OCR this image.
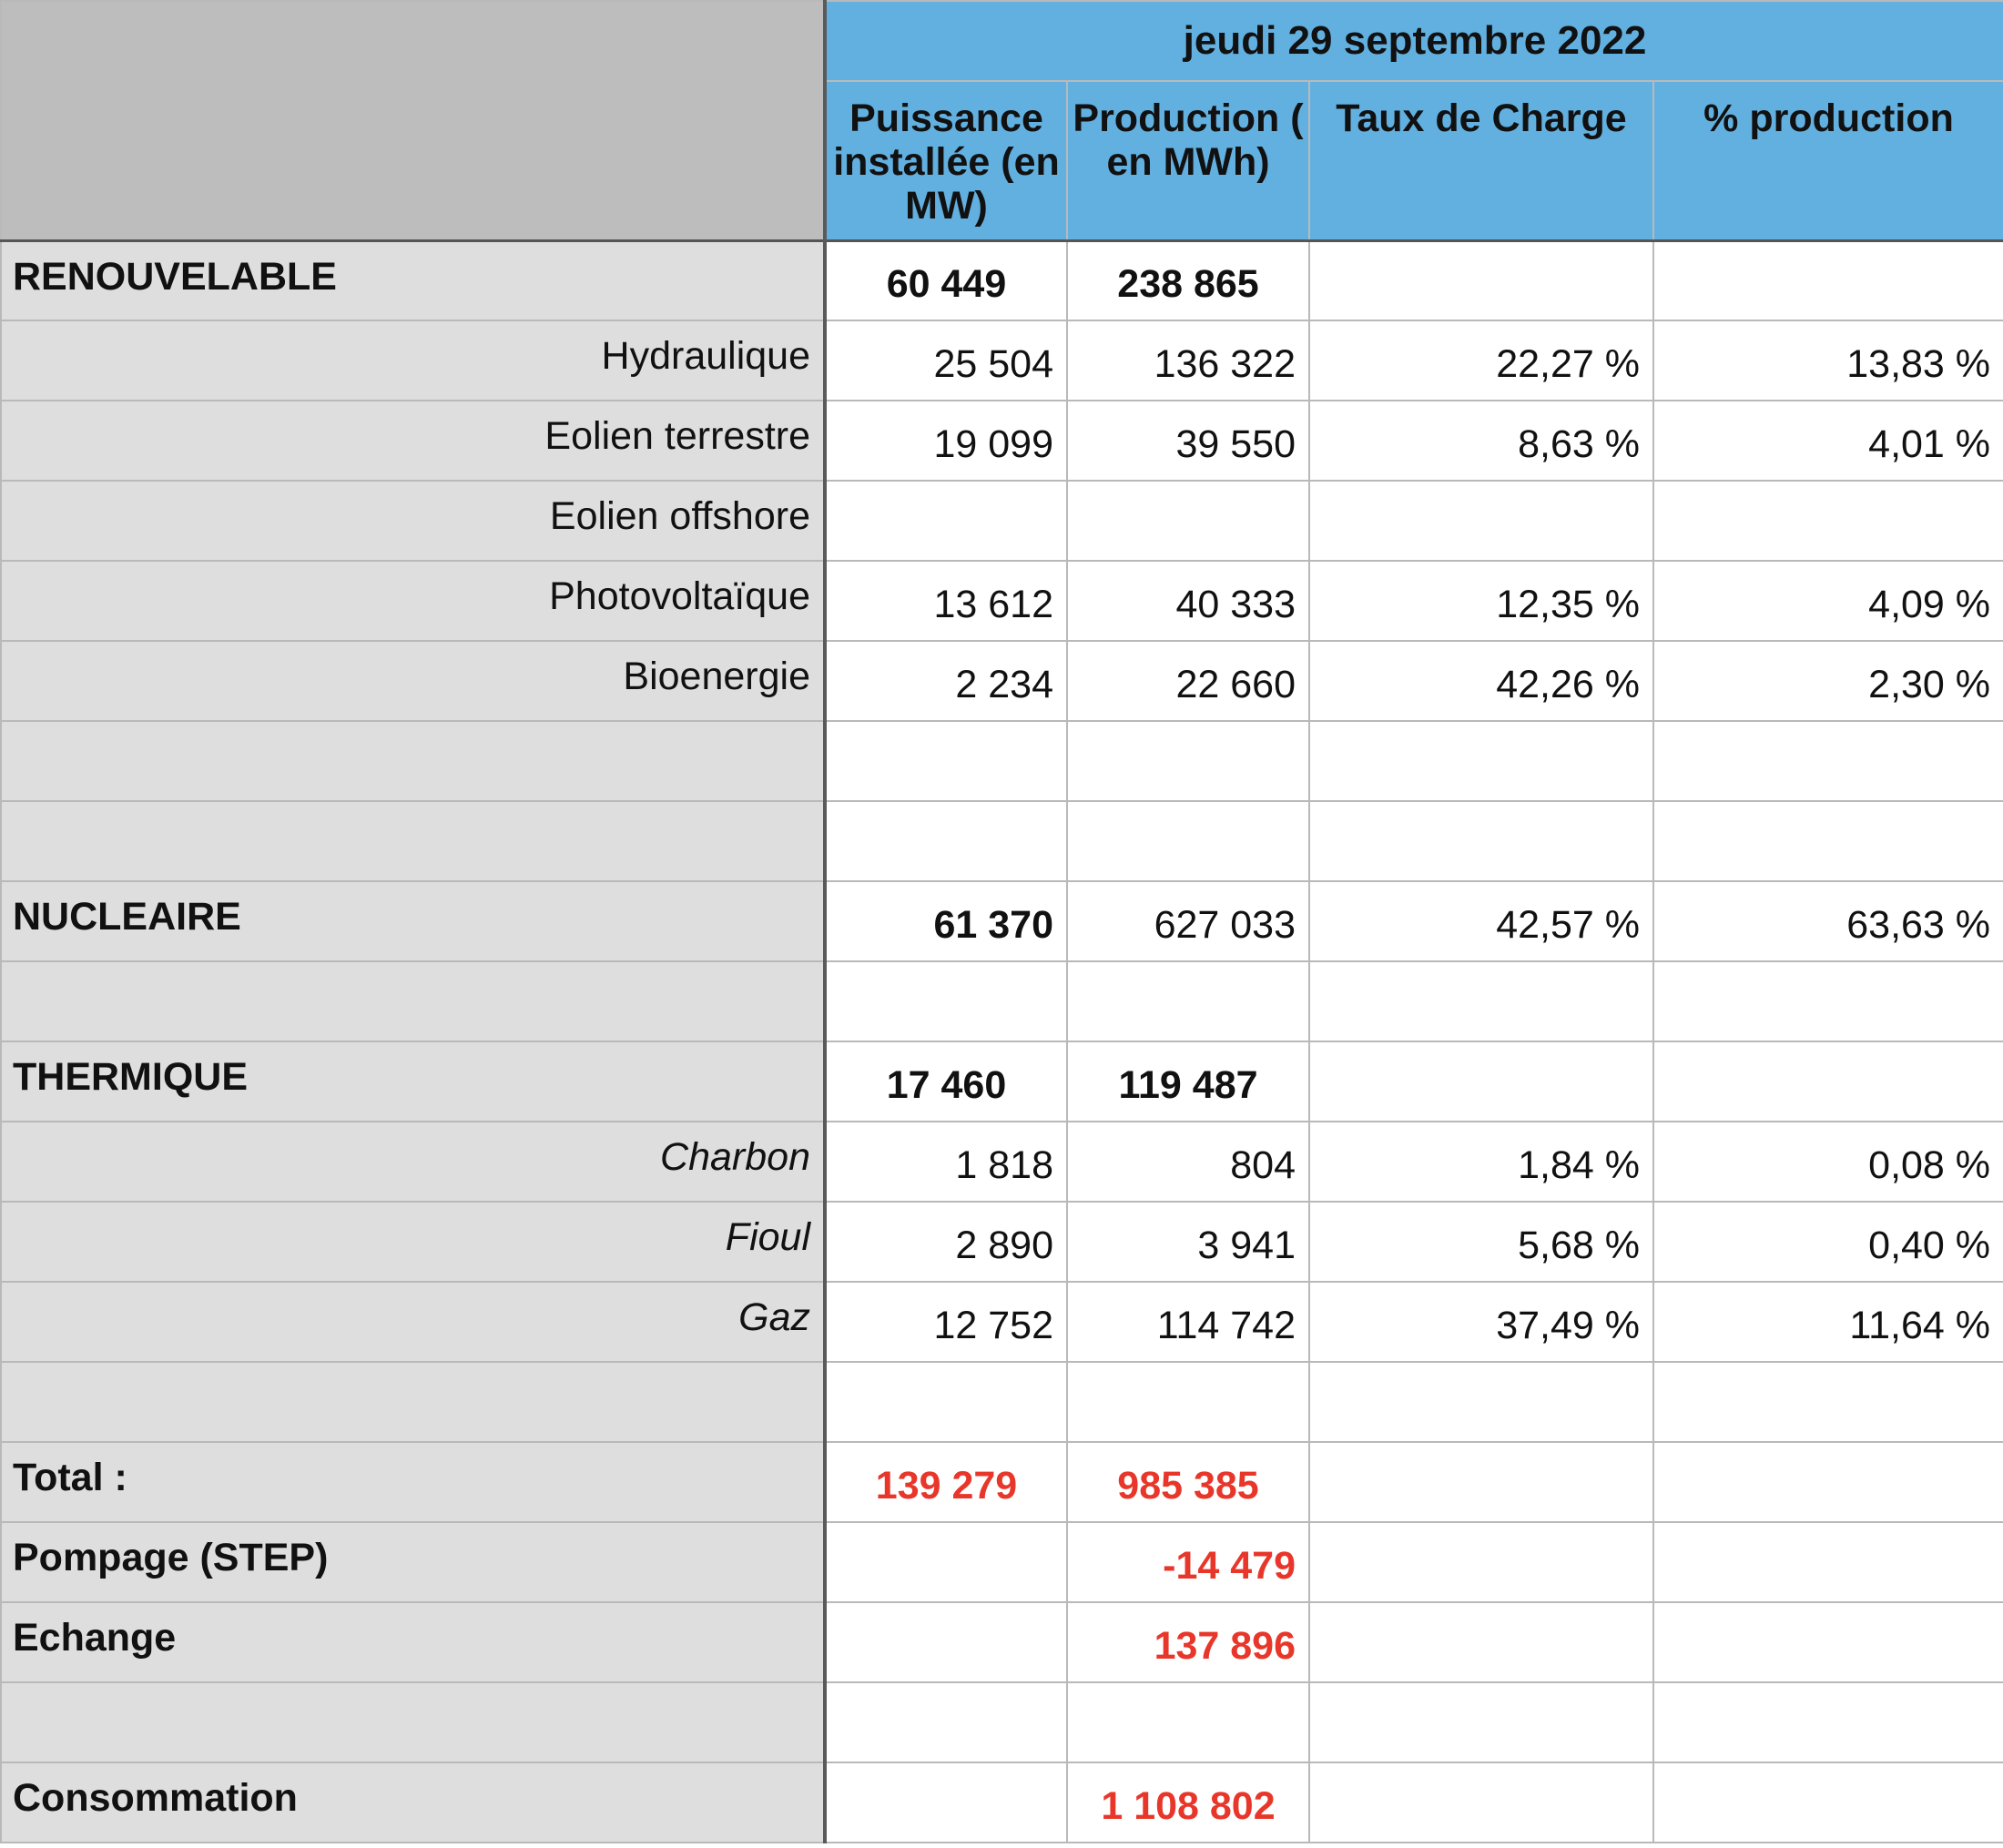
	jeudi 29 septembre 2022			
	Puissance installée (en MW)	Production ( en MWh)	Taux de Charge	% production
RENOUVELABLE	60 449	238 865		
Hydraulique	25 504	136 322	22,27 %	13,83 %
Eolien terrestre	19 099	39 550	8,63 %	4,01 %
Eolien offshore				
Photovoltaïque	13 612	40 333	12,35 %	4,09 %
Bioenergie	2 234	22 660	42,26 %	2,30 %

NUCLEAIRE	61 370	627 033	42,57 %	63,63 %

THERMIQUE	17 460	119 487		
Charbon	1 818	804	1,84 %	0,08 %
Fioul	2 890	3 941	5,68 %	0,40 %
Gaz	12 752	114 742	37,49 %	11,64 %

Total :	139 279	985 385		
Pompage (STEP)		-14 479		
Echange		137 896		

Consommation		1 108 802		
